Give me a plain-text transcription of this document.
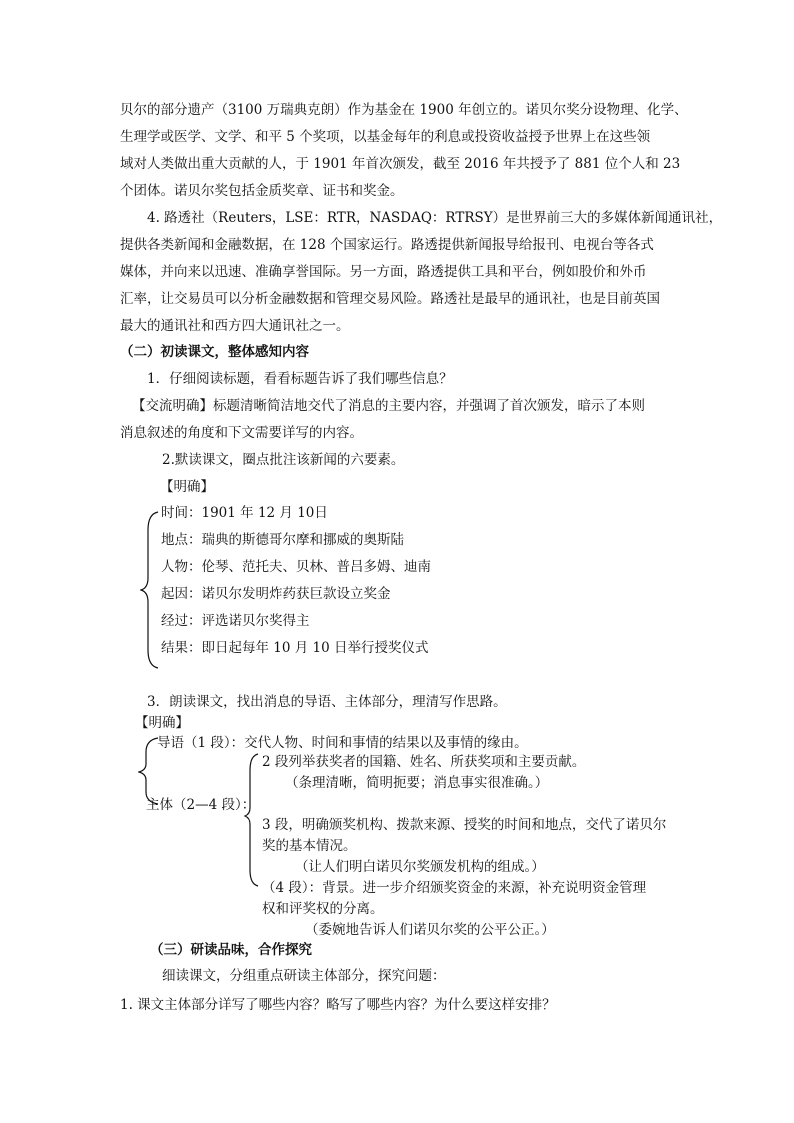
贝尔的部分遗产（3100 万瑞典克朗）作为基金在 1900 年创立的。诺贝尔奖分设物理、化学、
生理学或医学、文学、和平 5 个奖项，以基金每年的利息或投资收益授予世界上在这些领
域对人类做出重大贡献的人，于 1901 年首次颁发，截至 2016 年共授予了 881 位个人和 23
个团体。诺贝尔奖包括金质奖章、证书和奖金。
4. 路透社（Reuters，LSE：RTR，NASDAQ：RTRSY）是世界前三大的多媒体新闻通讯社，
提供各类新闻和金融数据，在 128 个国家运行。路透提供新闻报导给报刊、电视台等各式
媒体，并向来以迅速、准确享誉国际。另一方面，路透提供工具和平台，例如股价和外币
汇率，让交易员可以分析金融数据和管理交易风险。路透社是最早的通讯社，也是目前英国
最大的通讯社和西方四大通讯社之一。
（二）初读课文，整体感知内容
1．仔细阅读标题，看看标题告诉了我们哪些信息？
【交流明确】标题清晰简洁地交代了消息的主要内容，并强调了首次颁发，暗示了本则
消息叙述的角度和下文需要详写的内容。
2.默读课文，圈点批注该新闻的六要素。
【明确】
时间：1901 年 12 月 10日
地点：瑞典的斯德哥尔摩和挪威的奥斯陆
人物：伦琴、范托夫、贝林、普吕多姆、迪南
起因：诺贝尔发明炸药获巨款设立奖金
经过：评选诺贝尔奖得主
结果：即日起每年 10 月 10 日举行授奖仪式
3．朗读课文，找出消息的导语、主体部分，理清写作思路。
【明确】
导语（1 段）：交代人物、时间和事情的结果以及事情的缘由。
主体（2—4 段）：
2 段列举获奖者的国籍、姓名、所获奖项和主要贡献。
（条理清晰，简明扼要；消息事实很准确。）
3 段，明确颁奖机构、拨款来源、授奖的时间和地点，交代了诺贝尔
奖的基本情况。
（让人们明白诺贝尔奖颁发机构的组成。）
（4 段）：背景。进一步介绍颁奖资金的来源，补充说明资金管理
权和评奖权的分离。
（委婉地告诉人们诺贝尔奖的公平公正。）
（三）研读品味，合作探究
细读课文，分组重点研读主体部分，探究问题：
1. 课文主体部分详写了哪些内容？略写了哪些内容？为什么要这样安排？
